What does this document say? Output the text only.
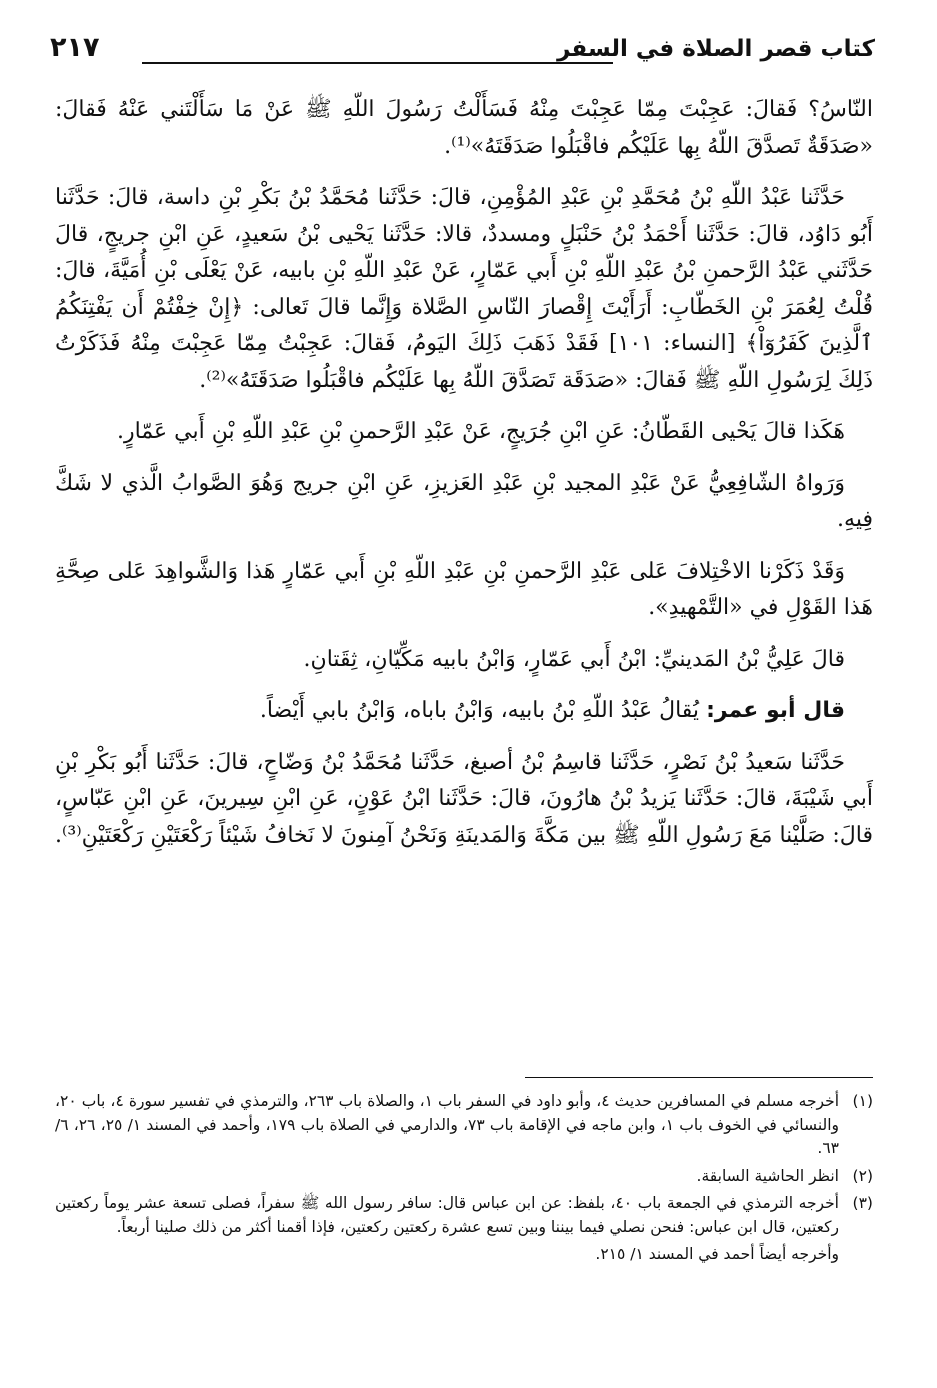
كتاب قصر الصلاة في السفر
٢١٧

النّاسُ؟ فَقالَ: عَجِبْتَ مِمّا عَجِبْتَ مِنْهُ فَسَأَلْتُ رَسُولَ اللّهِ ﷺ عَنْ مَا سَأَلْتَني عَنْهُ فَقالَ: «صَدَقَةٌ تَصدَّقَ اللّهُ بِها عَلَيْكُم فاقْبَلُوا صَدَقَتَهُ»⁽¹⁾.

حَدَّثَنا عَبْدُ اللّهِ بْنُ مُحَمَّدِ بْنِ عَبْدِ المُؤْمِنِ، قالَ: حَدَّثَنا مُحَمَّدُ بْنُ بَكْرِ بْنِ داسة، قالَ: حَدَّثَنا أَبُو دَاوُد، قالَ: حَدَّثَنا أَحْمَدُ بْنُ حَنْبَلٍ ومسددٌ، قالا: حَدَّثَنا يَحْيى بْنُ سَعيدٍ، عَنِ ابْنِ جريجٍ، قالَ حَدَّثَني عَبْدُ الرَّحمنِ بْنُ عَبْدِ اللّهِ بْنِ أَبي عَمّارٍ، عَنْ عَبْدِ اللّهِ بْنِ بابيه، عَنْ يَعْلَى بْنِ أُمَيَّةَ، قالَ: قُلْتُ لِعُمَرَ بْنِ الخَطّابِ: أَرَأَيْتَ إِقْصارَ النّاسِ الصَّلاة وَإِنَّما قالَ تَعالى: ﴿إِنْ خِفْتُمْ أَن يَفْتِنَكُمُ ٱلَّذِينَ كَفَرُوٓاْ﴾ [النساء: ١٠١] فَقَدْ ذَهَبَ ذَلِكَ اليَومُ، فَقالَ: عَجِبْتُ مِمّا عَجِبْتَ مِنْهُ فَذَكَرْتُ ذَلِكَ لِرَسُولِ اللّهِ ﷺ فَقالَ: «صَدَقَة تَصَدَّقَ اللّهُ بِها عَلَيْكُم فاقْبَلُوا صَدَقَتَهُ»⁽²⁾.

هَكَذا قالَ يَحْيى القَطّانُ: عَنِ ابْنِ جُرَيجٍ، عَنْ عَبْدِ الرَّحمنِ بْنِ عَبْدِ اللّهِ بْنِ أَبي عَمّارٍ.

وَرَواهُ الشّافِعِيُّ عَنْ عَبْدِ المجيد بْنِ عَبْدِ العَزيزِ، عَنِ ابْنِ جريج وَهُوَ الصَّوابُ الَّذي لا شَكَّ فِيهِ.

وَقَدْ ذَكَرْنا الاخْتِلافَ عَلى عَبْدِ الرَّحمنِ بْنِ عَبْدِ اللّهِ بْنِ أَبي عَمّارٍ هَذا وَالشَّواهِدَ عَلى صِحَّةِ هَذا القَوْلِ في «التَّمْهيدِ».

قالَ عَلِيُّ بْنُ المَدينيِّ: ابْنُ أَبي عَمّارٍ، وَابْنُ بابيه مَكِّيّانِ، ثِقَتانِ.

قال أبو عمر: يُقالُ عَبْدُ اللّهِ بْنُ بابيه، وَابْنُ باباه، وَابْنُ بابي أَيْضاً.

حَدَّثَنا سَعيدُ بْنُ نَصْرٍ، حَدَّثَنا قاسِمُ بْنُ أصبغ، حَدَّثَنا مُحَمَّدُ بْنُ وَضّاحٍ، قالَ: حَدَّثَنا أَبُو بَكْرِ بْنِ أَبي شَيْبَةَ، قالَ: حَدَّثَنا يَزيدُ بْنُ هارُونَ، قالَ: حَدَّثَنا ابْنُ عَوْنٍ، عَنِ ابْنِ سِيرينَ، عَنِ ابْنِ عَبّاسٍ، قالَ: صَلَّيْنا مَعَ رَسُولِ اللّهِ ﷺ بين مَكَّةَ وَالمَدينَةِ وَنَحْنُ آمِنونَ لا نَخافُ شَيْئاً رَكْعَتَيْنِ رَكْعَتَيْنِ⁽³⁾.

(١)أخرجه مسلم في المسافرين حديث ٤، وأبو داود في السفر باب ١، والصلاة باب ٢٦٣، والترمذي في تفسير سورة ٤، باب ٢٠، والنسائي في الخوف باب ١، وابن ماجه في الإقامة باب ٧٣، والدارمي في الصلاة باب ١٧٩، وأحمد في المسند ١/ ٢٥، ٢٦، ٦/ ٦٣.

(٢)انظر الحاشية السابقة.

(٣)أخرجه الترمذي في الجمعة باب ٤٠، بلفظ: عن ابن عباس قال: سافر رسول الله ﷺ سفراً، فصلى تسعة عشر يوماً ركعتين ركعتين، قال ابن عباس: فنحن نصلي فيما بيننا وبين تسع عشرة ركعتين ركعتين، فإذا أقمنا أكثر من ذلك صلينا أربعاً.

وأخرجه أيضاً أحمد في المسند ١/ ٢١٥.
